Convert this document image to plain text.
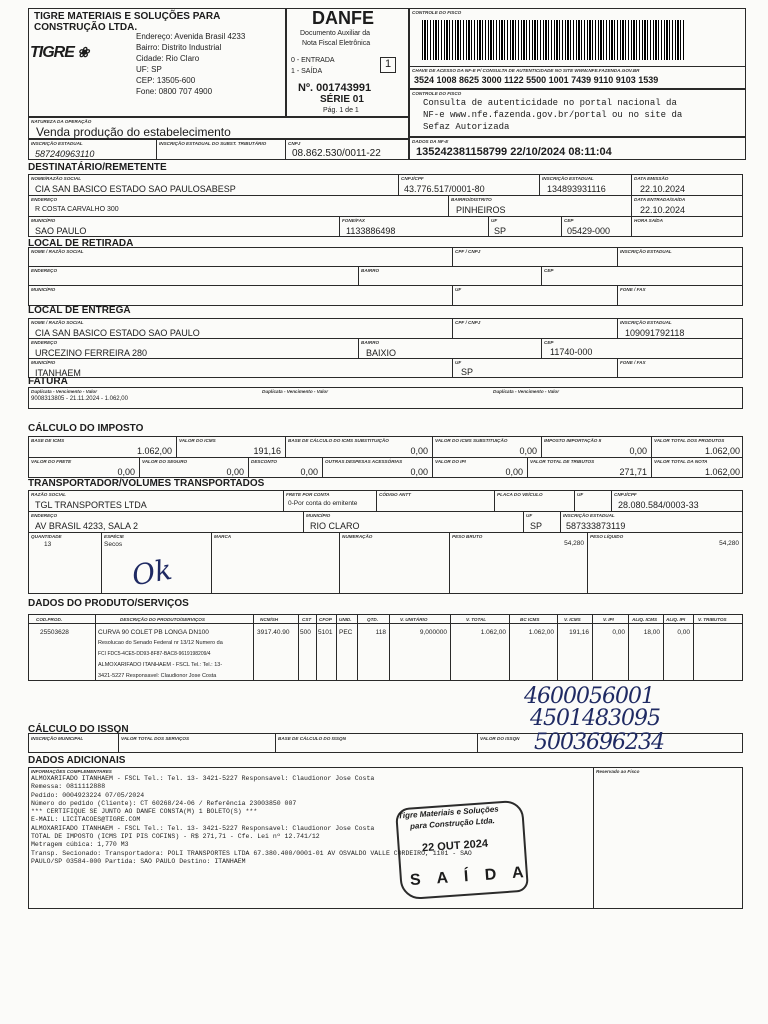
TIGRE MATERIAIS E SOLUÇÕES PARA
CONSTRUÇÃO LTDA.
TIGRE ❀
Endereço: Avenida Brasil 4233
Bairro: Distrito Industrial
Cidade: Rio Claro
UF: SP
CEP: 13505-600
Fone: 0800 707 4900
DANFE
Documento Auxiliar da
Nota Fiscal Eletrônica
0 - ENTRADA
1 - SAÍDA
1
Nº. 001743991
SÉRIE 01
Pág. 1 de 1
CONTROLE DO FISCO
CHAVE DE ACESSO DA NF-E P/ CONSULTA DE AUTENTICIDADE NO SITE WWW.NFE.FAZENDA.GOV.BR
3524 1008 8625 3000 1122 5500 1001 7439 9110 9103 1539
CONTROLE DO FISCO
Consulta de autenticidade no portal nacional da
NF-e www.nfe.fazenda.gov.br/portal ou no site da
Sefaz Autorizada
NATUREZA DA OPERAÇÃO
Venda produção do estabelecimento
DADOS DA NF-E
135242381158799 22/10/2024 08:11:04
INSCRIÇÃO ESTADUAL
587240963110
INSCRIÇÃO ESTADUAL DO SUBST. TRIBUTÁRIO	CNPJ
08.862.530/0011-22
DESTINATÁRIO/REMETENTE
NOME/RAZÃO SOCIAL
CIA SAN BASICO ESTADO SAO PAULOSABESP
CNPJ/CPF
43.776.517/0001-80
INSCRIÇÃO ESTADUAL
134893931116
DATA EMISSÃO
22.10.2024
ENDEREÇO
R COSTA CARVALHO 300
BAIRRO/DISTRITO
PINHEIROS
DATA ENTRADA/SAÍDA
22.10.2024
MUNICÍPIO
SAO PAULO
FONE/FAX
1133886498
UF
SP
CEP
05429-000
HORA SAÍDA
LOCAL DE RETIRADA
NOME / RAZÃO SOCIAL	CPF / CNPJ	INSCRIÇÃO ESTADUAL
ENDEREÇO	BAIRRO	CEP
MUNICÍPIO	UF	FONE / FAX
LOCAL DE ENTREGA
NOME / RAZÃO SOCIAL
CIA SAN BASICO ESTADO SAO PAULO
CPF / CNPJ	INSCRIÇÃO ESTADUAL
109091792118
ENDEREÇO
URCEZINO FERREIRA 280
BAIRRO
BAIXIO
CEP
11740-000
MUNICÍPIO
ITANHAEM
UF
SP
FONE / FAX
FATURA
Duplicata - Vencimento - Valor
9008313805 - 21.11.2024 - 1.062,00
Duplicata - Vencimento - Valor	Duplicata - Vencimento - Valor
CÁLCULO DO IMPOSTO
BASE DE ICMS
1.062,00
VALOR DO ICMS
191,16
BASE DE CÁLCULO DO ICMS SUBSTITUIÇÃO
0,00
VALOR DO ICMS SUBSTITUIÇÃO
0,00
IMPOSTO IMPORTAÇÃO II
0,00
VALOR TOTAL DOS PRODUTOS
1.062,00
VALOR DO FRETE
0,00
VALOR DO SEGURO
0,00
DESCONTO
0,00
OUTRAS DESPESAS ACESSÓRIAS
0,00
VALOR DO IPI
0,00
VALOR TOTAL DE TRIBUTOS
271,71
VALOR TOTAL DA NOTA
1.062,00
TRANSPORTADOR/VOLUMES TRANSPORTADOS
RAZÃO SOCIAL
TGL TRANSPORTES LTDA
FRETE POR CONTA
0-Por conta do emitente
CÓDIGO ANTT	PLACA DO VEÍCULO	UF	CNPJ/CPF
28.080.584/0003-33
ENDEREÇO
AV BRASIL 4233, SALA 2
MUNICÍPIO
RIO CLARO
UF
SP
INSCRIÇÃO ESTADUAL
587333873119
QUANTIDADE
13
ESPÉCIE
Secos
MARCA	NUMERAÇÃO	PESO BRUTO
54,280
PESO LÍQUIDO
54,280
Ok
DADOS DO PRODUTO/SERVIÇOS
COD.PROD.	DESCRIÇÃO DO PRODUTO/SERVIÇOS	NCM/SH	CST CFOP UNID.	QTD.	V. UNITÁRIO	V. TOTAL	BC ICMS	V. ICMS	V. IPI	ALIQ. ICMS ALIQ. IPI	V. TRIBUTOS
25503628	CURVA 90 COLET PB LONGA DN100
Resolucao do Senado Federal nr 13/12 Numero da
FCI FDC5-4CE5-DD93-8F87-BAC8-9619198209/4
ALMOXARIFADO ITANHAEM - FSCL Tel.: Tel.: 13-
3421-5227 Responsavel: Claudionor Jose Costa
3917.40.90 500 5101 PEC	118	9,000000	1.062,00	1.062,00	191,16	0,00	18,00	0,00
4600056001
4501483095
CÁLCULO DO ISSQN
INSCRIÇÃO MUNICIPAL	VALOR TOTAL DOS SERVIÇOS	BASE DE CÁLCULO DO ISSQN	VALOR DO ISSQN 5003696234
DADOS ADICIONAIS
INFORMAÇÕES COMPLEMENTARES	Reservado ao Fisco
ALMOXARIFADO ITANHAEM - FSCL Tel.: Tel. 13- 3421-5227 Responsavel: Claudionor Jose Costa
Remessa: 0811112888
Pedido: 0004923224 07/05/2024
Número do pedido (Cliente): CT 60268/24-06 / Referência 23003850 007
*** CERTIFIQUE SE JUNTO AO DANFE CONSTA(M) 1 BOLETO(S) ***
E-MAIL: LICITACOES@TIGRE.COM
ALMOXARIFADO ITANHAEM - FSCL Tel.: Tel. 13- 3421-5227 Responsavel: Claudionor Jose Costa
TOTAL DE IMPOSTO (ICMS IPI PIS COFINS) - R$ 271,71 - Cfe. Lei nº 12.741/12
Metragem cúbica: 1,770 M3
Transp. Secionado: Transportadora: POLI TRANSPORTES LTDA 67.380.400/0001-01 AV OSVALDO VALLE CORDEIRO, 1101 - SAO
PAULO/SP 03584-000 Partida: SAO PAULO Destino: ITANHAEM
Tigre Materiais e Soluções
para Construção Ltda.
22 OUT 2024
S A Í D A
